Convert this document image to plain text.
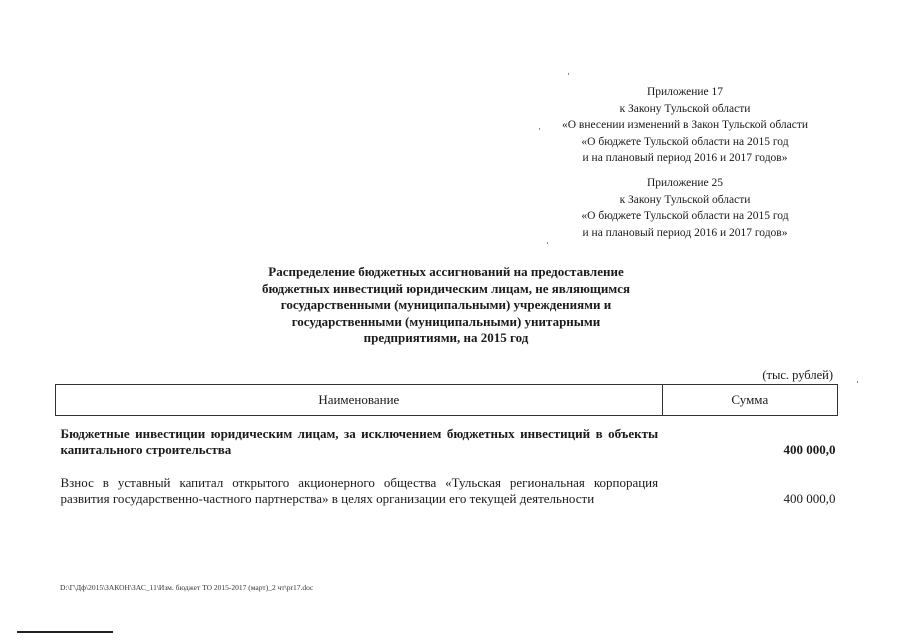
Приложение 17
к Закону Тульской области
«О внесении изменений в Закон Тульской области
«О бюджете Тульской области на 2015 год
и на плановый период 2016 и 2017 годов»
Приложение 25
к Закону Тульской области
«О бюджете Тульской области на 2015 год
и на плановый период 2016 и 2017 годов»
Распределение бюджетных ассигнований на предоставление
бюджетных инвестиций юридическим лицам, не являющимся
государственными (муниципальными) учреждениями и
государственными (муниципальными) унитарными
предприятиями, на 2015 год
(тыс. рублей)
Наименование	Сумма
Бюджетные инвестиции юридическим лицам, за исключением бюджетных инвестиций в объекты капитального строительства	400 000,0
Взнос в уставный капитал открытого акционерного общества «Тульская региональная корпорация развития государственно-частного партнерства» в целях организации его текущей деятельности	400 000,0
D:\Г\Дф\2015\ЗАКОН\ЗАС_11\Изм. бюджет ТО 2015-2017 (март)_2 чт\pr17.doc
